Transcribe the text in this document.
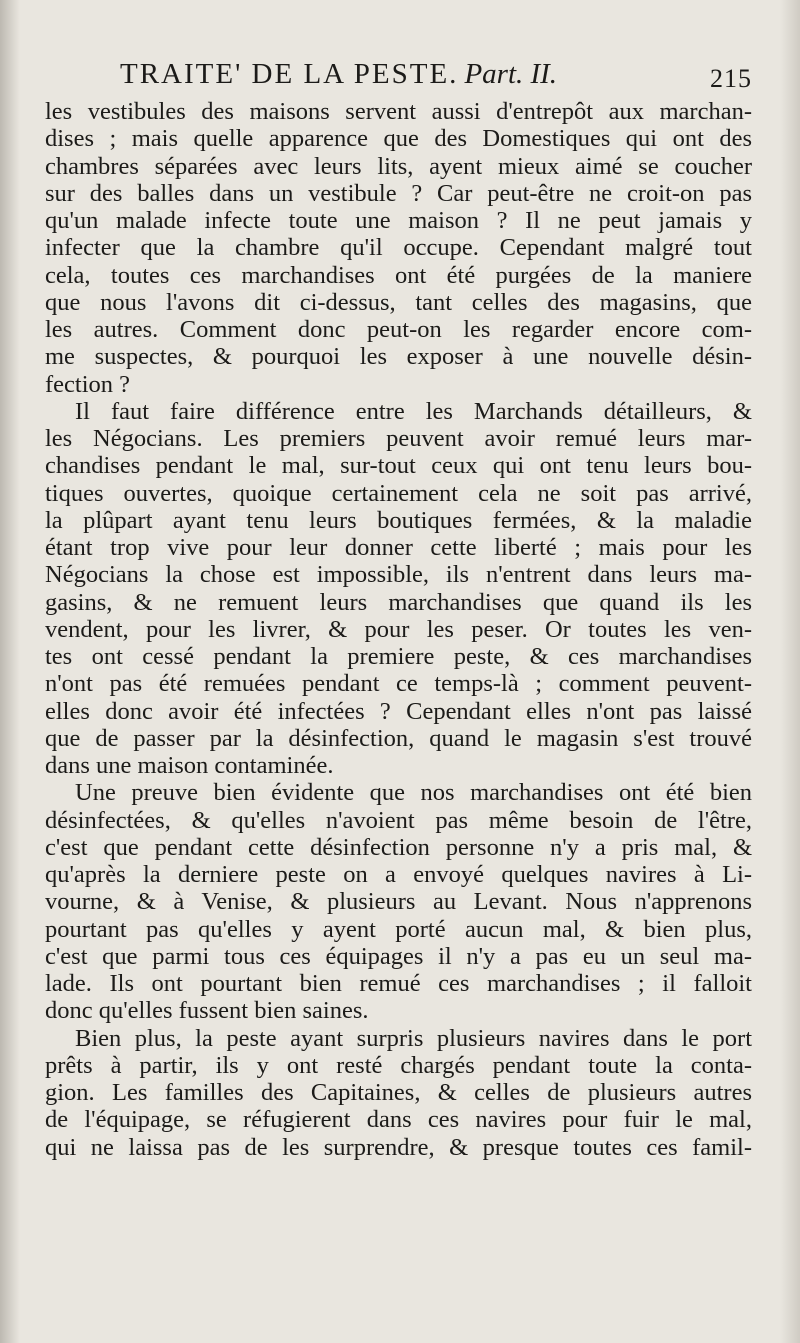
TRAITE' DE LA PESTE. Part. II.	215
les vestibules des maisons servent aussi d'entrepôt aux marchan-
dises ; mais quelle apparence que des Domestiques qui ont des
chambres séparées avec leurs lits, ayent mieux aimé se coucher
sur des balles dans un vestibule ? Car peut-être ne croit-on pas
qu'un malade infecte toute une maison ? Il ne peut jamais y
infecter que la chambre qu'il occupe. Cependant malgré tout
cela, toutes ces marchandises ont été purgées de la maniere
que nous l'avons dit ci-dessus, tant celles des magasins, que
les autres. Comment donc peut-on les regarder encore com-
me suspectes, & pourquoi les exposer à une nouvelle désin-
fection ?
Il faut faire différence entre les Marchands détailleurs, &
les Négocians. Les premiers peuvent avoir remué leurs mar-
chandises pendant le mal, sur-tout ceux qui ont tenu leurs bou-
tiques ouvertes, quoique certainement cela ne soit pas arrivé,
la plûpart ayant tenu leurs boutiques fermées, & la maladie
étant trop vive pour leur donner cette liberté ; mais pour les
Négocians la chose est impossible, ils n'entrent dans leurs ma-
gasins, & ne remuent leurs marchandises que quand ils les
vendent, pour les livrer, & pour les peser. Or toutes les ven-
tes ont cessé pendant la premiere peste, & ces marchandises
n'ont pas été remuées pendant ce temps-là ; comment peuvent-
elles donc avoir été infectées ? Cependant elles n'ont pas laissé
que de passer par la désinfection, quand le magasin s'est trouvé
dans une maison contaminée.
Une preuve bien évidente que nos marchandises ont été bien
désinfectées, & qu'elles n'avoient pas même besoin de l'être,
c'est que pendant cette désinfection personne n'y a pris mal, &
qu'après la derniere peste on a envoyé quelques navires à Li-
vourne, & à Venise, & plusieurs au Levant. Nous n'apprenons
pourtant pas qu'elles y ayent porté aucun mal, & bien plus,
c'est que parmi tous ces équipages il n'y a pas eu un seul ma-
lade. Ils ont pourtant bien remué ces marchandises ; il falloit
donc qu'elles fussent bien saines.
Bien plus, la peste ayant surpris plusieurs navires dans le port
prêts à partir, ils y ont resté chargés pendant toute la conta-
gion. Les familles des Capitaines, & celles de plusieurs autres
de l'équipage, se réfugierent dans ces navires pour fuir le mal,
qui ne laissa pas de les surprendre, & presque toutes ces famil-
